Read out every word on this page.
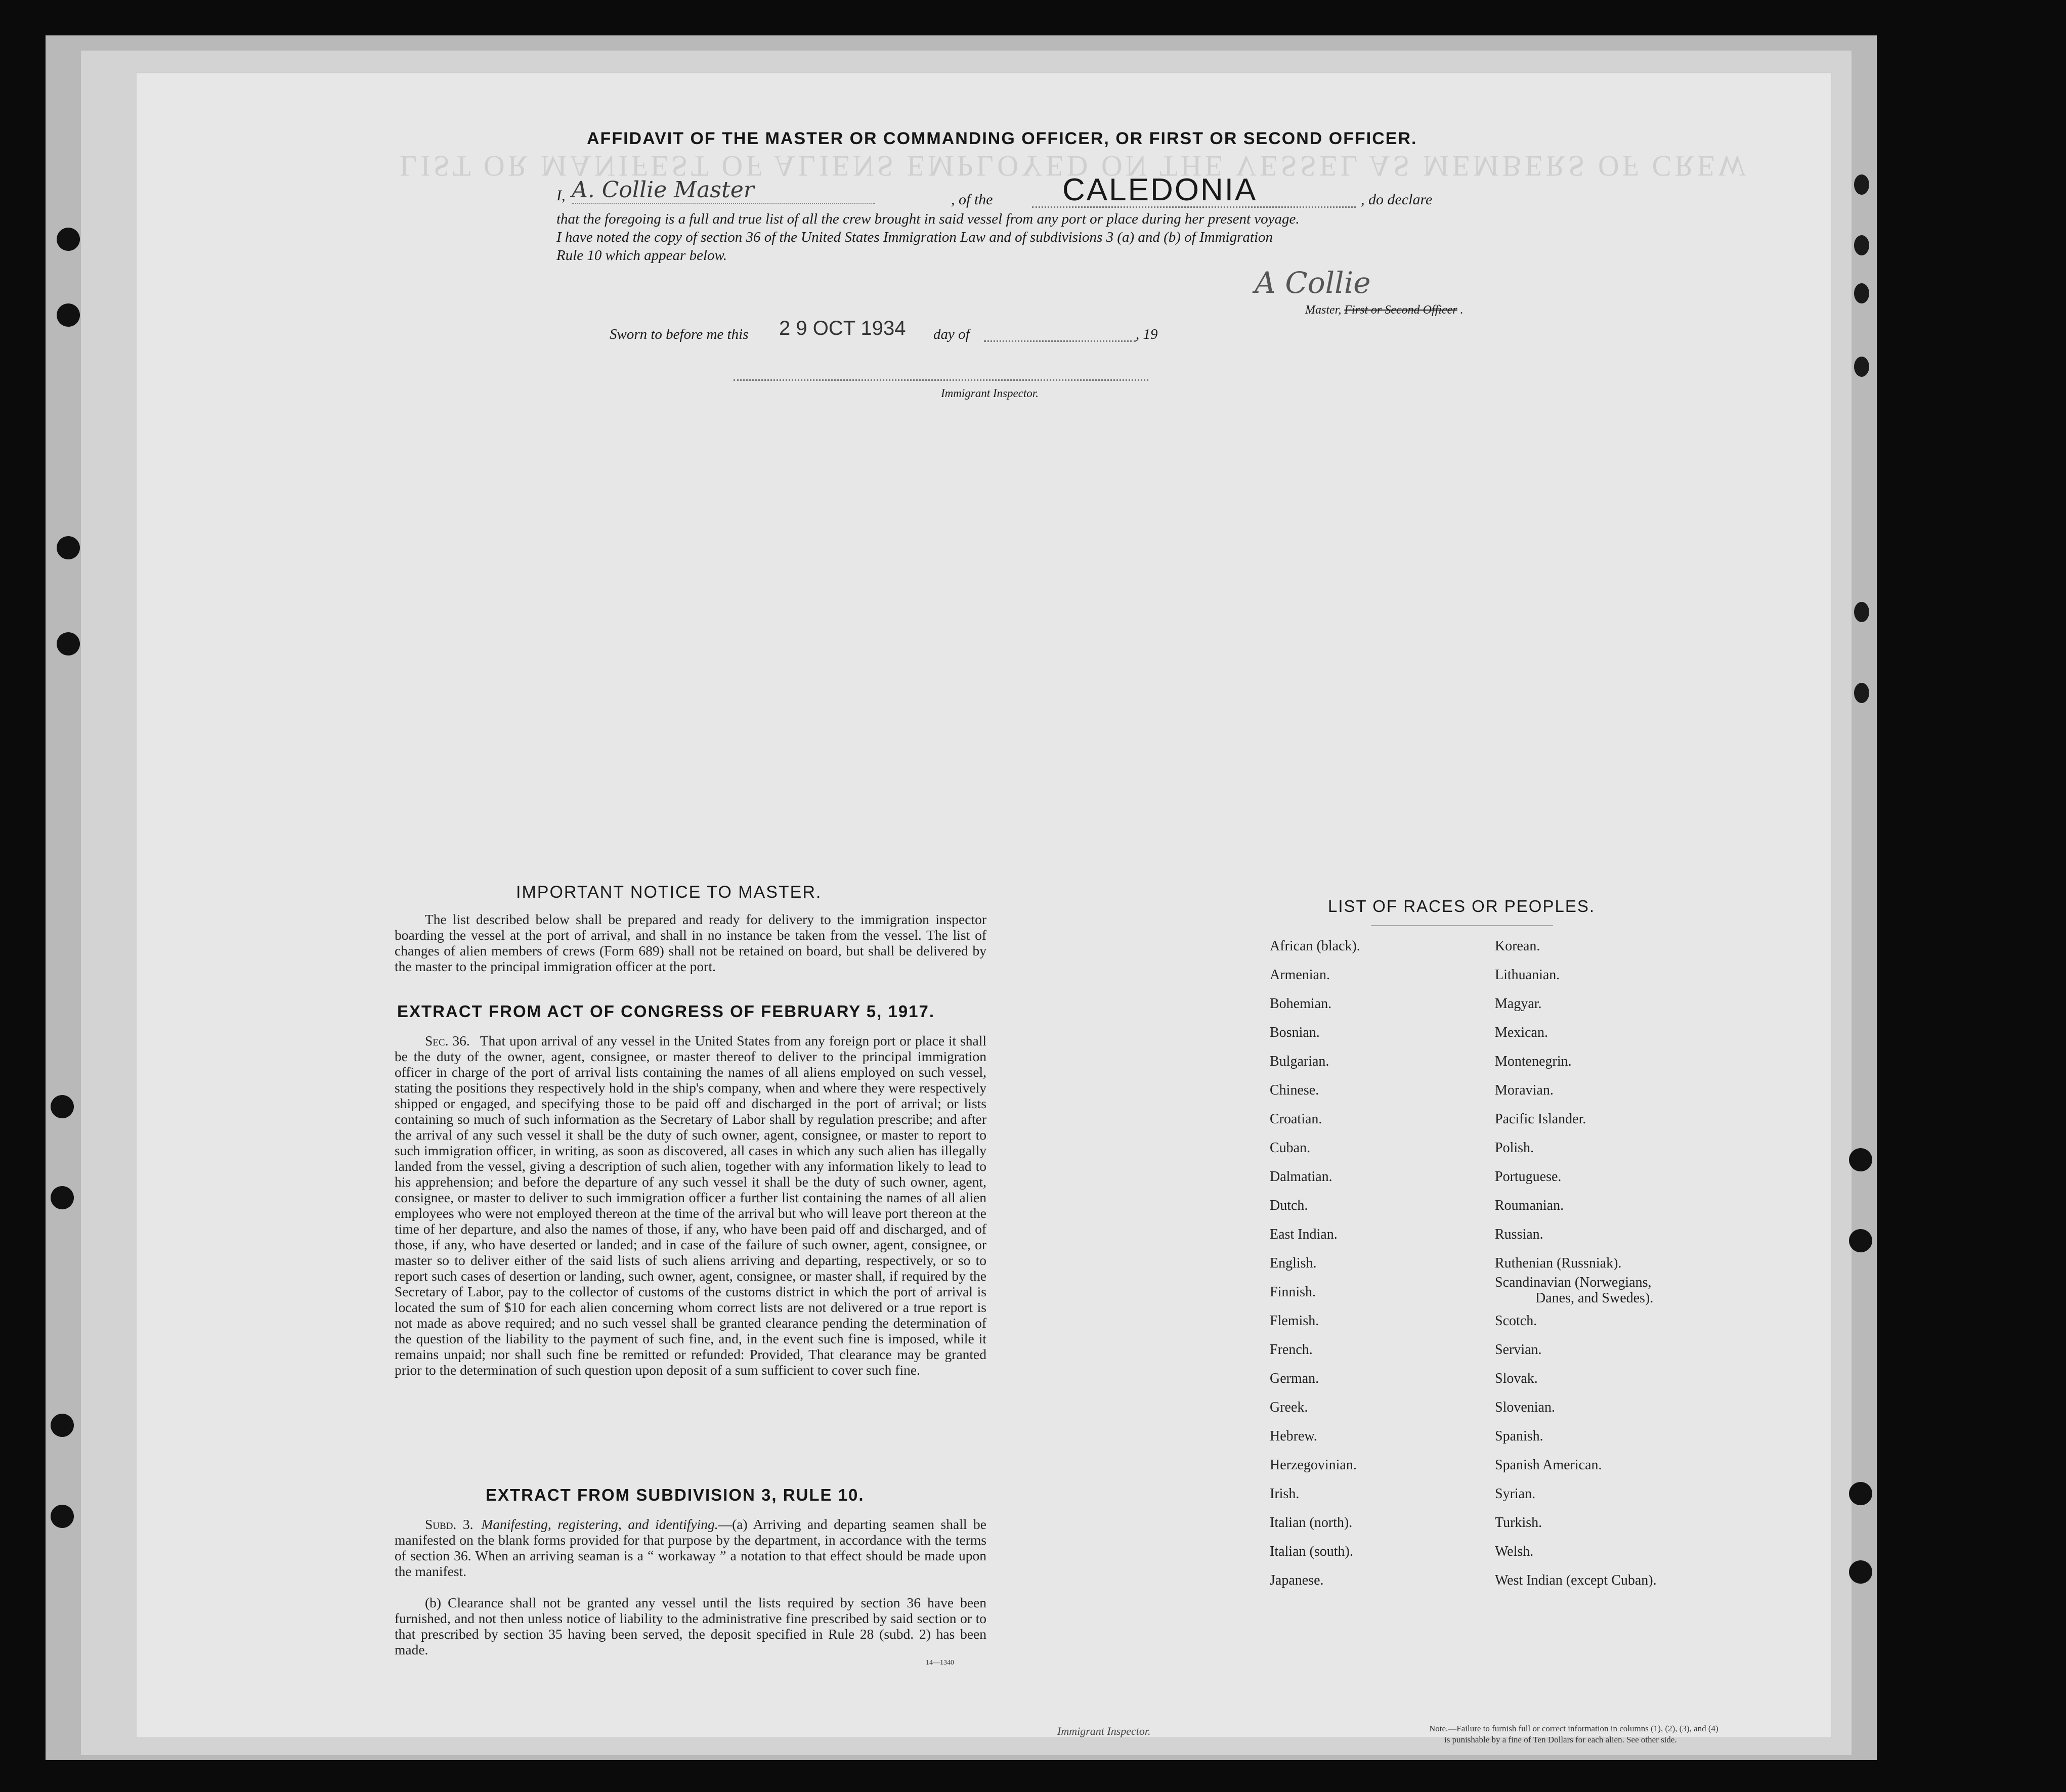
LIST OR MANIFEST OF ALIENS EMPLOYED ON THE VESSEL AS MEMBERS OF CREW
AFFIDAVIT OF THE MASTER OR COMMANDING OFFICER, OR FIRST OR SECOND OFFICER.
I, A. Collie Master	, of the CALEDONIA	, do declare
that the foregoing is a full and true list of all the crew brought in said vessel from any port or place during her present voyage.
I have noted the copy of section 36 of the United States Immigration Law and of subdivisions 3 (a) and (b) of Immigration
Rule 10 which appear below.
A Collie
Master, First or Second Officer .
Sworn to before me this 2 9 OCT 1934 day of	, 19
Immigrant Inspector.
IMPORTANT NOTICE TO MASTER.
The list described below shall be prepared and ready for delivery to the immigration inspector boarding the vessel at the port of arrival, and shall in no instance be taken from the vessel. The list of changes of alien members of crews (Form 689) shall not be retained on board, but shall be delivered by the master to the principal immigration officer at the port.
EXTRACT FROM ACT OF CONGRESS OF FEBRUARY 5, 1917.
Sec. 36. That upon arrival of any vessel in the United States from any foreign port or place it shall be the duty of the owner, agent, consignee, or master thereof to deliver to the principal immigration officer in charge of the port of arrival lists containing the names of all aliens employed on such vessel, stating the positions they respectively hold in the ship's company, when and where they were respectively shipped or engaged, and specifying those to be paid off and discharged in the port of arrival; or lists containing so much of such information as the Secretary of Labor shall by regulation prescribe; and after the arrival of any such vessel it shall be the duty of such owner, agent, consignee, or master to report to such immigration officer, in writing, as soon as discovered, all cases in which any such alien has illegally landed from the vessel, giving a description of such alien, together with any information likely to lead to his apprehension; and before the departure of any such vessel it shall be the duty of such owner, agent, consignee, or master to deliver to such immigration officer a further list containing the names of all alien employees who were not employed thereon at the time of the arrival but who will leave port thereon at the time of her departure, and also the names of those, if any, who have been paid off and discharged, and of those, if any, who have deserted or landed; and in case of the failure of such owner, agent, consignee, or master so to deliver either of the said lists of such aliens arriving and departing, respectively, or so to report such cases of desertion or landing, such owner, agent, consignee, or master shall, if required by the Secretary of Labor, pay to the collector of customs of the customs district in which the port of arrival is located the sum of $10 for each alien concerning whom correct lists are not delivered or a true report is not made as above required; and no such vessel shall be granted clearance pending the determination of the question of the liability to the payment of such fine, and, in the event such fine is imposed, while it remains unpaid; nor shall such fine be remitted or refunded: Provided, That clearance may be granted prior to the determination of such question upon deposit of a sum sufficient to cover such fine.
EXTRACT FROM SUBDIVISION 3, RULE 10.
Subd. 3. Manifesting, registering, and identifying.—(a) Arriving and departing seamen shall be manifested on the blank forms provided for that purpose by the department, in accordance with the terms of section 36. When an arriving seaman is a “ workaway ” a notation to that effect should be made upon the manifest.
(b) Clearance shall not be granted any vessel until the lists required by section 36 have been furnished, and not then unless notice of liability to the administrative fine prescribed by said section or to that prescribed by section 35 having been served, the deposit specified in Rule 28 (subd. 2) has been made.
14—1340
LIST OF RACES OR PEOPLES.
African (black).
Armenian.
Bohemian.
Bosnian.
Bulgarian.
Chinese.
Croatian.
Cuban.
Dalmatian.
Dutch.
East Indian.
English.
Finnish.
Flemish.
French.
German.
Greek.
Hebrew.
Herzegovinian.
Irish.
Italian (north).
Italian (south).
Japanese.
Korean.
Lithuanian.
Magyar.
Mexican.
Montenegrin.
Moravian.
Pacific Islander.
Polish.
Portuguese.
Roumanian.
Russian.
Ruthenian (Russniak).
Scandinavian (Norwegians,
Danes, and Swedes).
Scotch.
Servian.
Slovak.
Slovenian.
Spanish.
Spanish American.
Syrian.
Turkish.
Welsh.
West Indian (except Cuban).
Immigrant Inspector.	Note.—Failure to furnish full or correct information in columns (1), (2), (3), and (4)
is punishable by a fine of Ten Dollars for each alien. See other side.
